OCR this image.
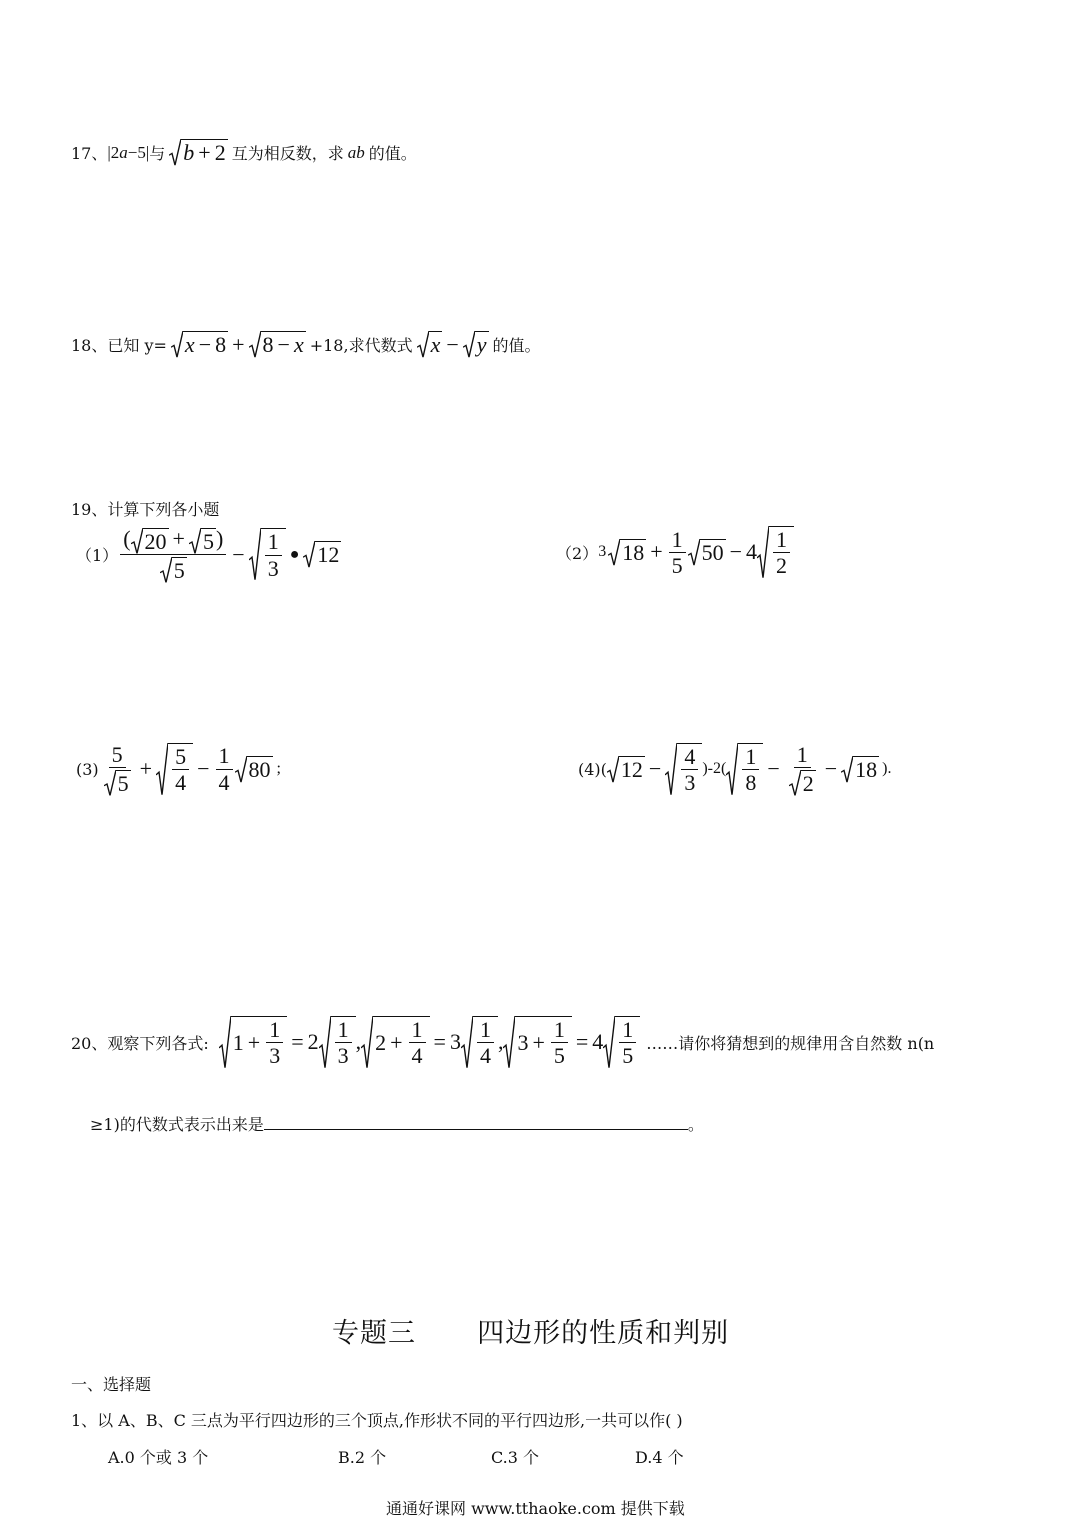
17、 |2a−5| 与 b + 2 互为相反数，求 ab 的值。
18、 已知 y= x − 8 + 8 − x +18,求代数式 x − y 的值。
19、计算下列各小题
$(1) \frac{( 20 + 5 )}{5} - \frac{1}{3}$ ● 12	（2） 3 $18 + \frac{1}{5} 50 - 4 \frac{1}{2}$
$(3) \frac{5}{5} + \frac{5}{4} - \frac{1}{4} 80$ ;	(4)( $12 - \frac{4}{3} )-2( \frac{1}{8} - \frac{1}{2} - 18$ ).
20、观察下列各式: $1 + \frac{1}{3} = 2 \frac{1}{3}$ , $2 + \frac{1}{4} = 3 \frac{1}{4}$ , $3 + \frac{1}{5} = 4 \frac{1}{5}$ ……请你将猜想到的规律用含自然数 n(n
≥1)的代数式表示出来是	。
专题三 四边形的性质和判别
一、选择题
1、以 A、B、C 三点为平行四边形的三个顶点,作形状不同的平行四边形,一共可以作( )
A.0 个或 3 个	B.2 个	C.3 个	D.4 个
通通好课网 www.tthaoke.com 提供下载
